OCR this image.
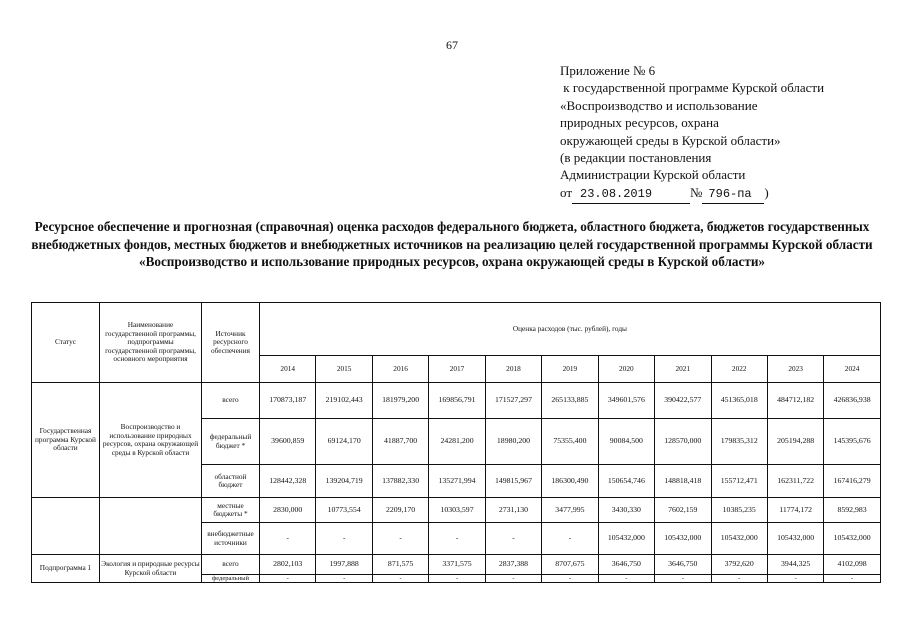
67
Приложение № 6
к государственной программе Курской области
«Воспроизводство и использование
природных ресурсов, охрана
окружающей среды в Курской области»
(в редакции постановления
Администрации Курской области
от 23.08.2019	№ 796-па )
Ресурсное обеспечение и прогнозная (справочная) оценка расходов федерального бюджета, областного бюджета, бюджетов государственных внебюджетных фондов, местных бюджетов и внебюджетных источников на реализацию целей государственной программы Курской области «Воспроизводство и использование природных ресурсов, охрана окружающей среды в Курской области»
Статус	Наименование государственной программы, подпрограммы государственной программы, основного мероприятия	Источник ресурсного обеспечения	Оценка расходов (тыс. рублей), годы										
			2014	2015	2016	2017	2018	2019	2020	2021	2022	2023	2024
Государственная программа Курской области	Воспроизводство и использование природных ресурсов, охрана окружающей среды в Курской области	всего	170873,187	219102,443	181979,200	169856,791	171527,297	265133,885	349601,576	390422,577	451365,018	484712,182	426836,938
		федеральный бюджет *	39600,859	69124,170	41887,700	24281,200	18980,200	75355,400	90084,500	128570,000	179835,312	205194,288	145395,676
		областной бюджет	128442,328	139204,719	137882,330	135271,994	149815,967	186300,490	150654,746	148818,418	155712,471	162311,722	167416,279
		местные бюджеты *	2830,000	10773,554	2209,170	10303,597	2731,130	3477,995	3430,330	7602,159	10385,235	11774,172	8592,983
		внебюджетные источники	-	-	-	-	-	-	105432,000	105432,000	105432,000	105432,000	105432,000
Подпрограмма 1	Экология и природные ресурсы Курской области	всего	2802,103	1997,888	871,575	3371,575	2837,388	8707,675	3646,750	3646,750	3792,620	3944,325	4102,098
		федеральный	-	-	-	-	-	-	-	-	-	-	-
